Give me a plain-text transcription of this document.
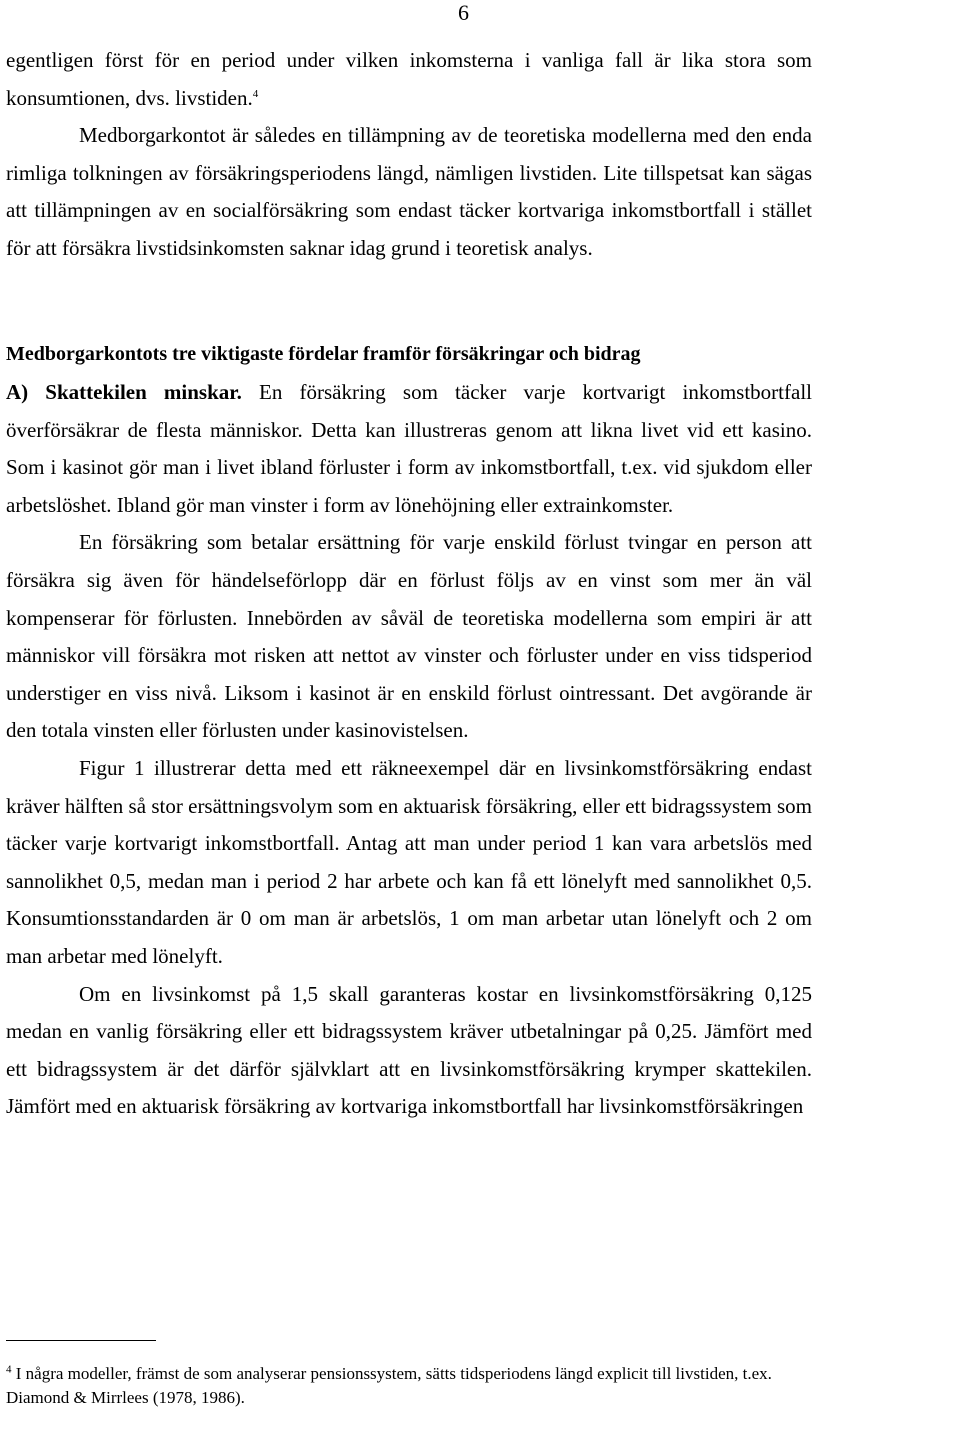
6

egentligen först för en period under vilken inkomsterna i vanliga fall är lika stora som konsumtionen, dvs. livstiden.$^4$

Medborgarkontot är således en tillämpning av de teoretiska modellerna med den enda rimliga tolkningen av försäkringsperiodens längd, nämligen livstiden. Lite tillspetsat kan sägas att tillämpningen av en socialförsäkring som endast täcker kortvariga inkomstbortfall i stället för att försäkra livstidsinkomsten saknar idag grund i teoretisk analys.

Medborgarkontots tre viktigaste fördelar framför försäkringar och bidrag

A) Skattekilen minskar. En försäkring som täcker varje kortvarigt inkomstbortfall överförsäkrar de flesta människor. Detta kan illustreras genom att likna livet vid ett kasino. Som i kasinot gör man i livet ibland förluster i form av inkomstbortfall, t.ex. vid sjukdom eller arbetslöshet. Ibland gör man vinster i form av lönehöjning eller extrainkomster.

En försäkring som betalar ersättning för varje enskild förlust tvingar en person att försäkra sig även för händelseförlopp där en förlust följs av en vinst som mer än väl kompenserar för förlusten. Innebörden av såväl de teoretiska modellerna som empiri är att människor vill försäkra mot risken att nettot av vinster och förluster under en viss tidsperiod understiger en viss nivå. Liksom i kasinot är en enskild förlust ointressant. Det avgörande är den totala vinsten eller förlusten under kasinovistelsen.

Figur 1 illustrerar detta med ett räkneexempel där en livsinkomstförsäkring endast kräver hälften så stor ersättningsvolym som en aktuarisk försäkring, eller ett bidragssystem som täcker varje kortvarigt inkomstbortfall. Antag att man under period 1 kan vara arbetslös med sannolikhet 0,5, medan man i period 2 har arbete och kan få ett lönelyft med sannolikhet 0,5. Konsumtionsstandarden är 0 om man är arbetslös, 1 om man arbetar utan lönelyft och 2 om man arbetar med lönelyft.

Om en livsinkomst på 1,5 skall garanteras kostar en livsinkomstförsäkring 0,125 medan en vanlig försäkring eller ett bidragssystem kräver utbetalningar på 0,25. Jämfört med ett bidragssystem är det därför självklart att en livsinkomstförsäkring krymper skattekilen. Jämfört med en aktuarisk försäkring av kortvariga inkomstbortfall har livsinkomstförsäkringen

$^4$ I några modeller, främst de som analyserar pensionssystem, sätts tidsperiodens längd explicit till livstiden, t.ex. Diamond & Mirrlees (1978, 1986).
